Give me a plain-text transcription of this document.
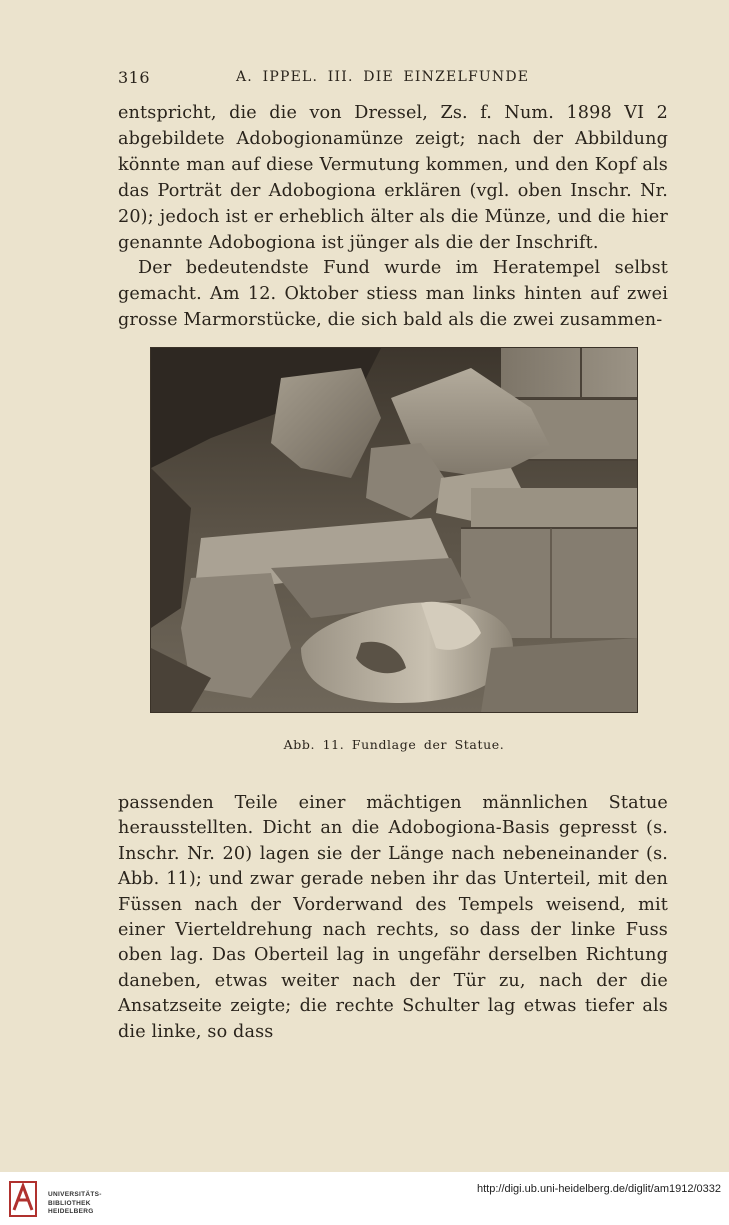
316	A. IPPEL. III. DIE EINZELFUNDE

entspricht, die die von Dressel, Zs. f. Num. 1898 VI 2 abgebildete Adobogionamünze zeigt; nach der Abbildung könnte man auf diese Vermutung kommen, und den Kopf als das Porträt der Adobogiona erklären (vgl. oben Inschr. Nr. 20); jedoch ist er erheblich älter als die Münze, und die hier genannte Adobogiona ist jünger als die der Inschrift.

Der bedeutendste Fund wurde im Heratempel selbst gemacht. Am 12. Oktober stiess man links hinten auf zwei grosse Marmorstücke, die sich bald als die zwei zusammen-

Abb. 11. Fundlage der Statue.

passenden Teile einer mächtigen männlichen Statue herausstellten. Dicht an die Adobogiona-Basis gepresst (s. Inschr. Nr. 20) lagen sie der Länge nach nebeneinander (s. Abb. 11); und zwar gerade neben ihr das Unterteil, mit den Füssen nach der Vorderwand des Tempels weisend, mit einer Vierteldrehung nach rechts, so dass der linke Fuss oben lag. Das Oberteil lag in ungefähr derselben Richtung daneben, etwas weiter nach der Tür zu, nach der die Ansatzseite zeigte; die rechte Schulter lag etwas tiefer als die linke, so dass

UNIVERSITÄTS-
BIBLIOTHEK
HEIDELBERG
http://digi.ub.uni-heidelberg.de/diglit/am1912/0332
